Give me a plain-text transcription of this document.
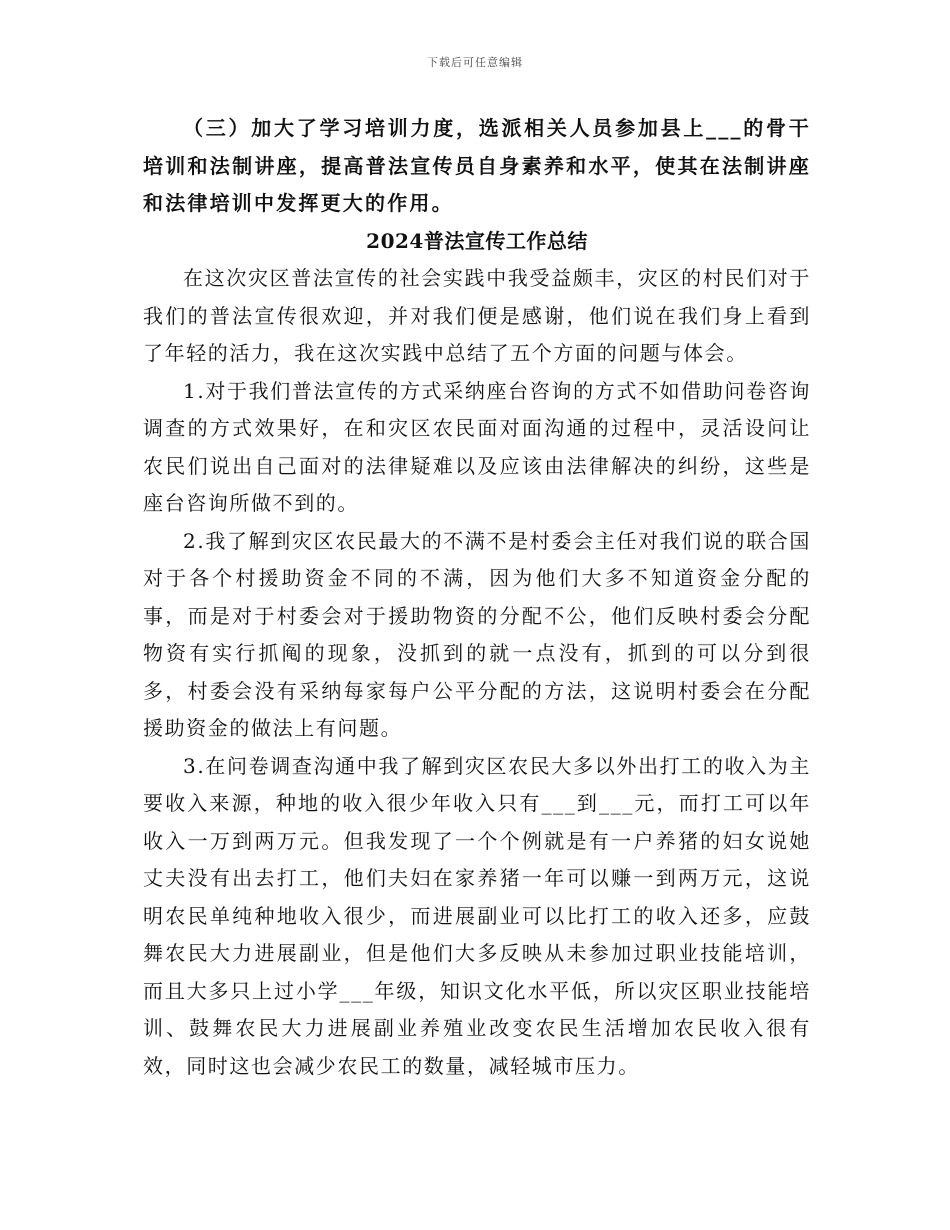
下载后可任意编辑

（三）加大了学习培训力度，选派相关人员参加县上___的骨干培训和法制讲座，提高普法宣传员自身素养和水平，使其在法制讲座和法律培训中发挥更大的作用。

2024普法宣传工作总结

在这次灾区普法宣传的社会实践中我受益颇丰，灾区的村民们对于我们的普法宣传很欢迎，并对我们便是感谢，他们说在我们身上看到了年轻的活力，我在这次实践中总结了五个方面的问题与体会。

1.对于我们普法宣传的方式采纳座台咨询的方式不如借助问卷咨询调查的方式效果好，在和灾区农民面对面沟通的过程中，灵活设问让农民们说出自己面对的法律疑难以及应该由法律解决的纠纷，这些是座台咨询所做不到的。

2.我了解到灾区农民最大的不满不是村委会主任对我们说的联合国对于各个村援助资金不同的不满，因为他们大多不知道资金分配的事，而是对于村委会对于援助物资的分配不公，他们反映村委会分配物资有实行抓阄的现象，没抓到的就一点没有，抓到的可以分到很多，村委会没有采纳每家每户公平分配的方法，这说明村委会在分配援助资金的做法上有问题。

3.在问卷调查沟通中我了解到灾区农民大多以外出打工的收入为主要收入来源，种地的收入很少年收入只有___到___元，而打工可以年收入一万到两万元。但我发现了一个个例就是有一户养猪的妇女说她丈夫没有出去打工，他们夫妇在家养猪一年可以赚一到两万元，这说明农民单纯种地收入很少，而进展副业可以比打工的收入还多，应鼓舞农民大力进展副业，但是他们大多反映从未参加过职业技能培训，而且大多只上过小学___年级，知识文化水平低，所以灾区职业技能培训、鼓舞农民大力进展副业养殖业改变农民生活增加农民收入很有效，同时这也会减少农民工的数量，减轻城市压力。
